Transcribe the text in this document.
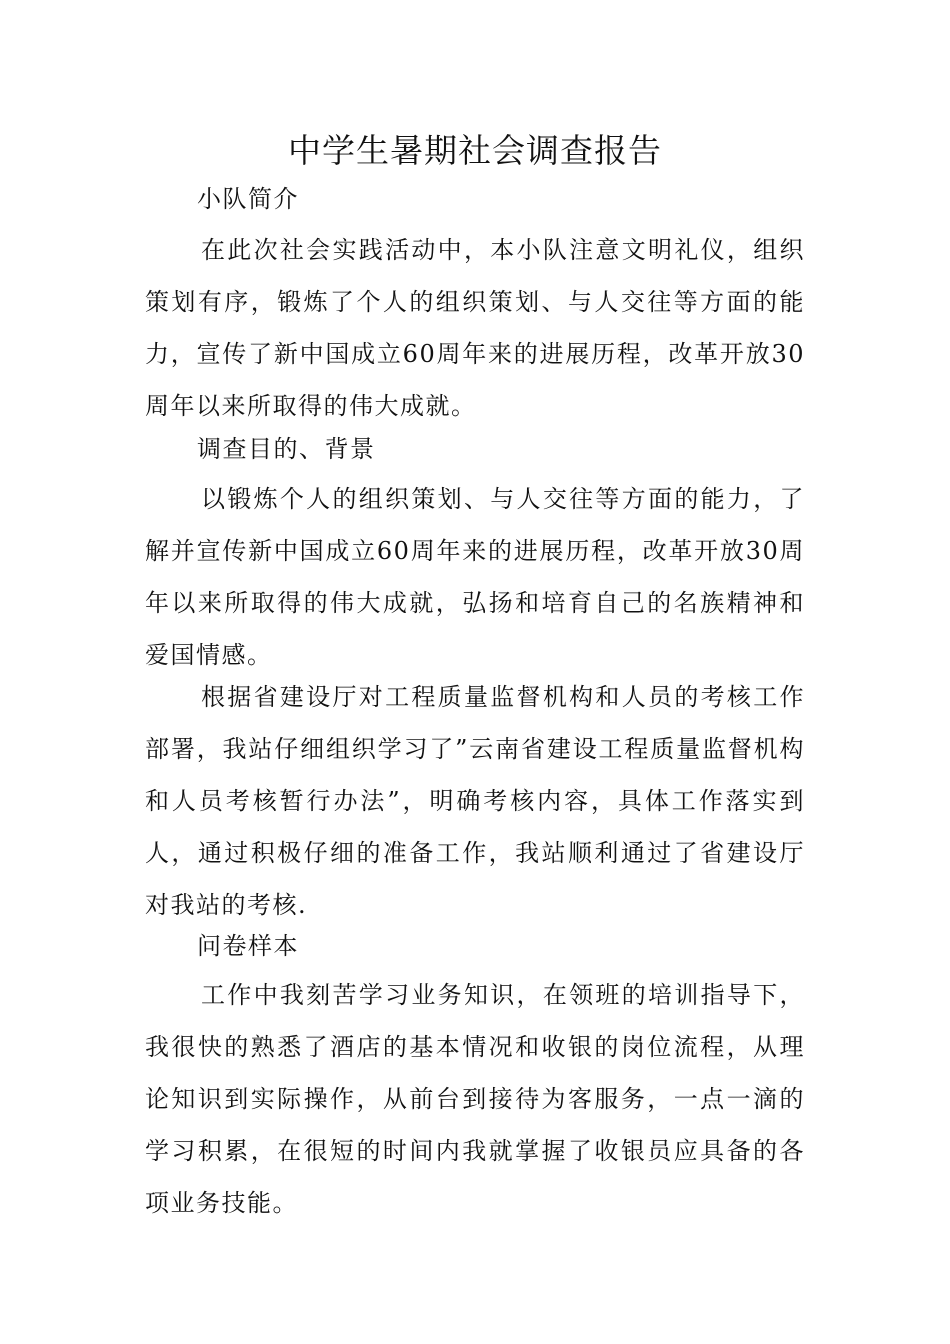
中学生暑期社会调查报告

小队简介

在此次社会实践活动中，本小队注意文明礼仪，组织策划有序，锻炼了个人的组织策划、与人交往等方面的能力，宣传了新中国成立60周年来的进展历程，改革开放30周年以来所取得的伟大成就。

调查目的、背景

以锻炼个人的组织策划、与人交往等方面的能力，了解并宣传新中国成立60周年来的进展历程，改革开放30周年以来所取得的伟大成就，弘扬和培育自己的名族精神和爱国情感。

根据省建设厅对工程质量监督机构和人员的考核工作部署，我站仔细组织学习了”云南省建设工程质量监督机构和人员考核暂行办法”，明确考核内容，具体工作落实到人，通过积极仔细的准备工作，我站顺利通过了省建设厅对我站的考核.

问卷样本

工作中我刻苦学习业务知识，在领班的培训指导下，我很快的熟悉了酒店的基本情况和收银的岗位流程，从理论知识到实际操作，从前台到接待为客服务，一点一滴的学习积累，在很短的时间内我就掌握了收银员应具备的各项业务技能。
